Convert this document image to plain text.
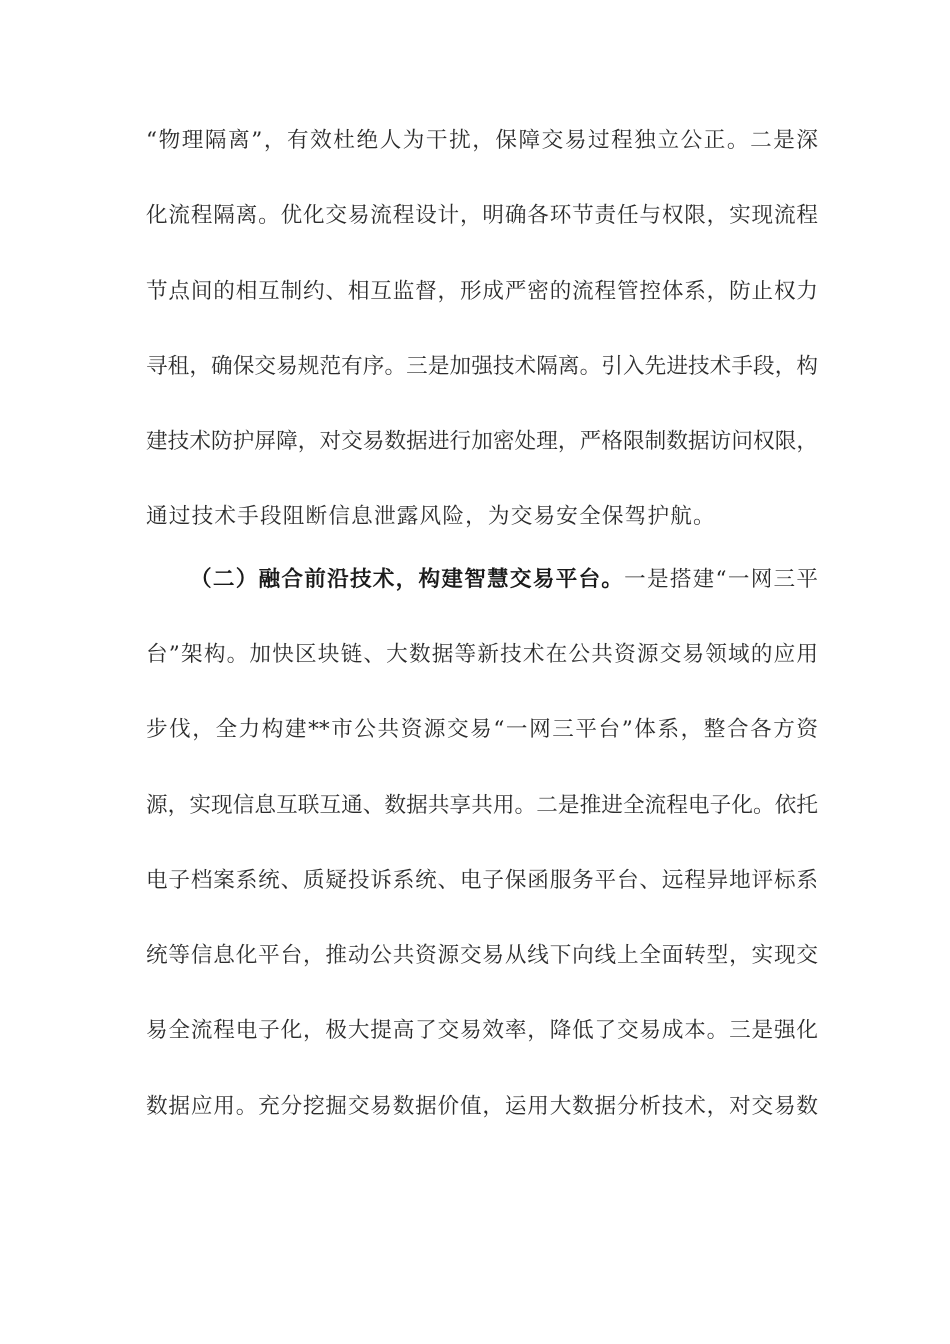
“物理隔离”，有效杜绝人为干扰，保障交易过程独立公正。二是深
化流程隔离。优化交易流程设计，明确各环节责任与权限，实现流程
节点间的相互制约、相互监督，形成严密的流程管控体系，防止权力
寻租，确保交易规范有序。三是加强技术隔离。引入先进技术手段，构
建技术防护屏障，对交易数据进行加密处理，严格限制数据访问权限，
通过技术手段阻断信息泄露风险，为交易安全保驾护航。
（二）融合前沿技术，构建智慧交易平台。一是搭建“一网三平
台”架构。加快区块链、大数据等新技术在公共资源交易领域的应用
步伐，全力构建**市公共资源交易“一网三平台”体系，整合各方资
源，实现信息互联互通、数据共享共用。二是推进全流程电子化。依托
电子档案系统、质疑投诉系统、电子保函服务平台、远程异地评标系
统等信息化平台，推动公共资源交易从线下向线上全面转型，实现交
易全流程电子化，极大提高了交易效率，降低了交易成本。三是强化
数据应用。充分挖掘交易数据价值，运用大数据分析技术，对交易数
